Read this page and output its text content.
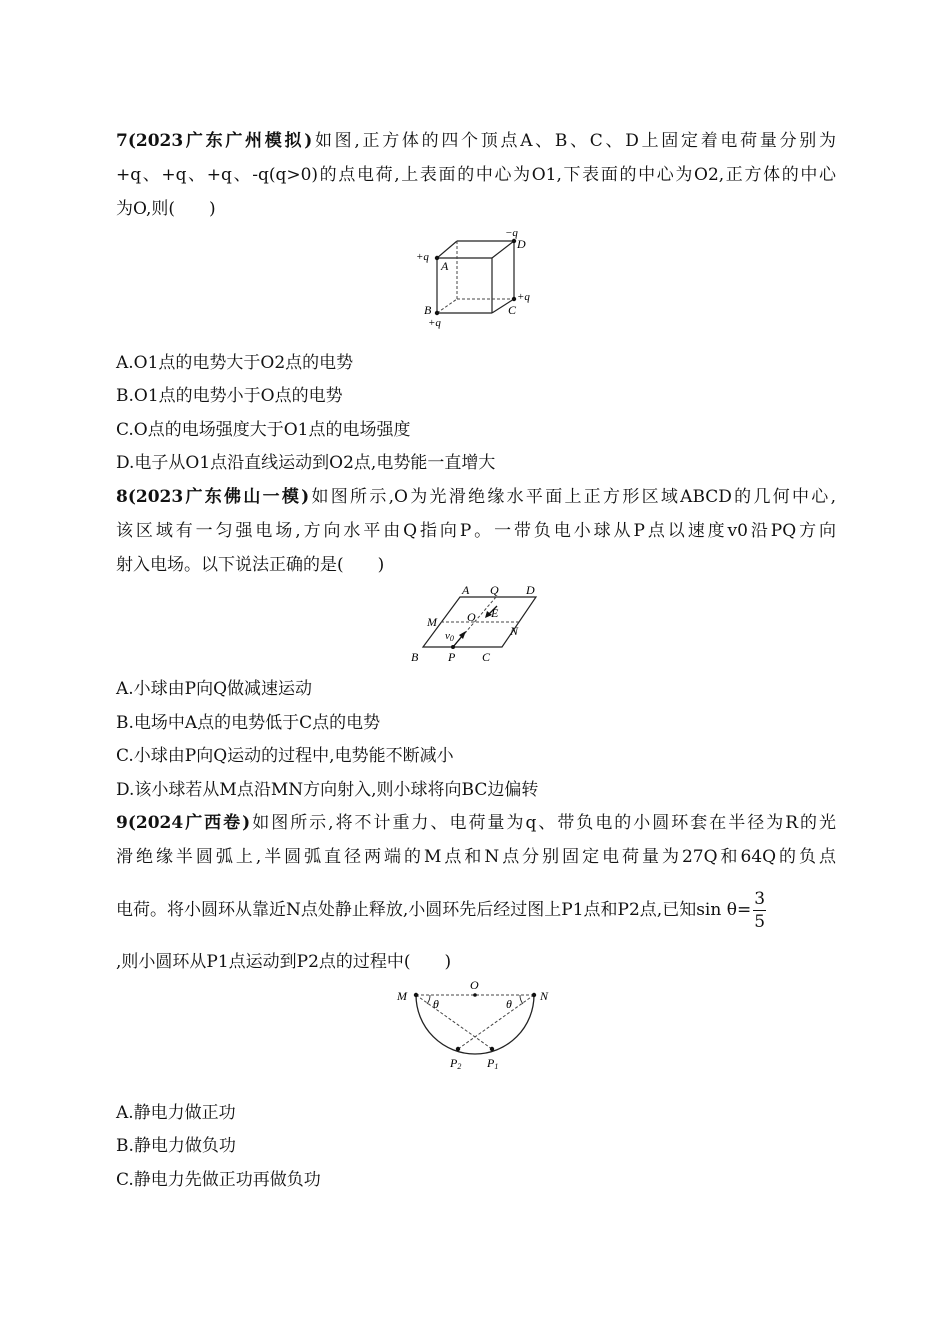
7(2023广东广州模拟)如图,正方体的四个顶点A、B、C、D上固定着电荷量分别为
+q、+q、+q、-q(q>0)的点电荷,上表面的中心为O1,下表面的中心为O2,正方体的中心
为O,则(　　)
+q
A
−q
D
+q
C
B
+q
A.O1点的电势大于O2点的电势
B.O1点的电势小于O点的电势
C.O点的电场强度大于O1点的电场强度
D.电子从O1点沿直线运动到O2点,电势能一直增大
8(2023广东佛山一模)如图所示,O为光滑绝缘水平面上正方形区域ABCD的几何中心,
该区域有一匀强电场,方向水平由Q指向P。一带负电小球从P点以速度v0沿PQ方向
射入电场。以下说法正确的是(　　)
A Q D
M	O E
N
v0
B P C
A.小球由P向Q做减速运动
B.电场中A点的电势低于C点的电势
C.小球由P向Q运动的过程中,电势能不断减小
D.该小球若从M点沿MN方向射入,则小球将向BC边偏转
9(2024广西卷)如图所示,将不计重力、电荷量为q、带负电的小圆环套在半径为R的光
滑绝缘半圆弧上,半圆弧直径两端的M点和N点分别固定电荷量为27Q和64Q的负点
电荷。将小圆环从靠近N点处静止释放,小圆环先后经过图上P1点和P2点,已知$\sin \theta= \frac{3}{5}$
,则小圆环从P1点运动到P2点的过程中(　　)
M
O
N
θ	θ
P2 P1
A.静电力做正功
B.静电力做负功
C.静电力先做正功再做负功
